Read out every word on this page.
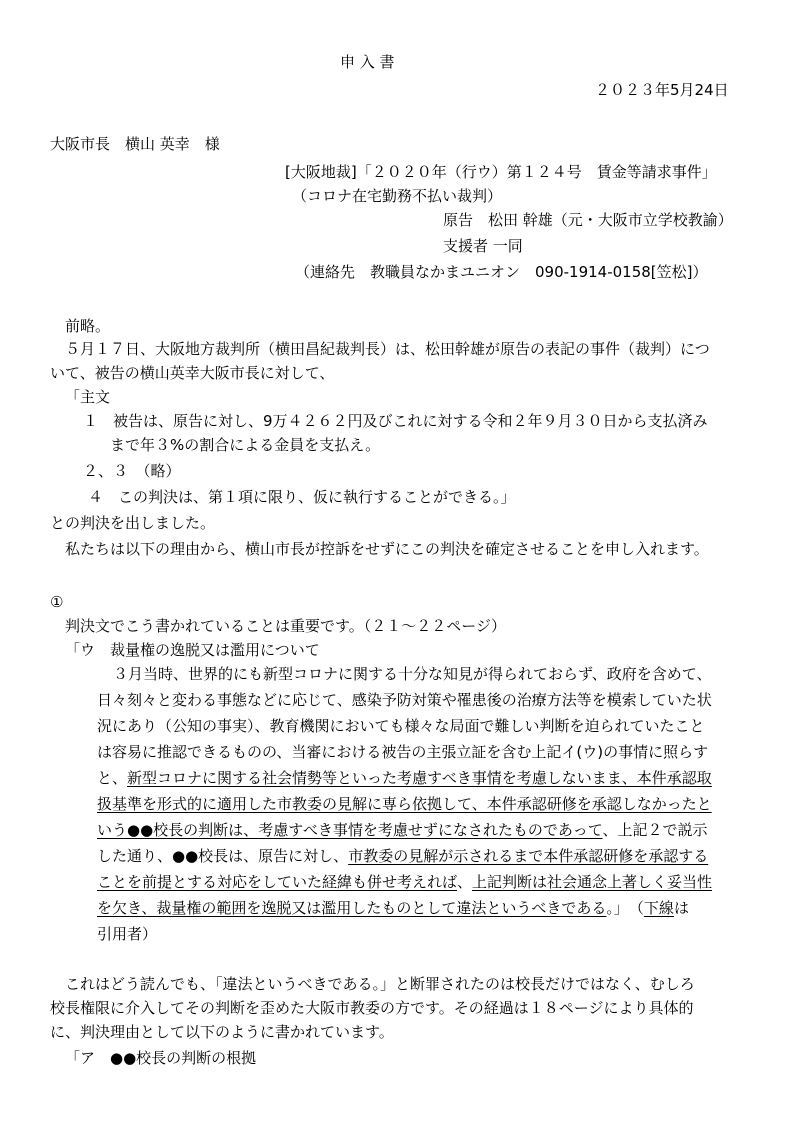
申 入 書
２０２３年5月24日
大阪市長　横山 英幸　様
[大阪地裁]「２０２０年（行ウ）第１２４号　賃金等請求事件」
（コロナ在宅勤務不払い裁判）
原告　松田 幹雄（元・大阪市立学校教諭）
支援者 一同
（連絡先　教職員なかまユニオン　090-1914-0158[笠松]）
前略。
５月１７日、大阪地方裁判所（横田昌紀裁判長）は、松田幹雄が原告の表記の事件（裁判）につ
いて、被告の横山英幸大阪市長に対して、
「主文
１　被告は、原告に対し、9万４２６２円及びこれに対する令和２年９月３０日から支払済み
まで年３%の割合による金員を支払え。
２、３　（略）
４　この判決は、第１項に限り、仮に執行することができる。」
との判決を出しました。
私たちは以下の理由から、横山市長が控訴をせずにこの判決を確定させることを申し入れます。
①
判決文でこう書かれていることは重要です。（２１～２２ページ）
「ウ　裁量権の逸脱又は濫用について
３月当時、世界的にも新型コロナに関する十分な知見が得られておらず、政府を含めて、
日々刻々と変わる事態などに応じて、感染予防対策や罹患後の治療方法等を模索していた状
況にあり（公知の事実）、教育機関においても様々な局面で難しい判断を迫られていたこと
は容易に推認できるものの、当審における被告の主張立証を含む上記イ(ウ)の事情に照らす
と、新型コロナに関する社会情勢等といった考慮すべき事情を考慮しないまま、本件承認取
扱基準を形式的に適用した市教委の見解に専ら依拠して、本件承認研修を承認しなかったと
いう●●校長の判断は、考慮すべき事情を考慮せずになされたものであって、上記２で説示
した通り、●●校長は、原告に対し、市教委の見解が示されるまで本件承認研修を承認する
ことを前提とする対応をしていた経緯も併せ考えれば、上記判断は社会通念上著しく妥当性
を欠き、裁量権の範囲を逸脱又は濫用したものとして違法というべきである。」　（下線は
引用者）
これはどう読んでも、「違法というべきである。」と断罪されたのは校長だけではなく、むしろ
校長権限に介入してその判断を歪めた大阪市教委の方です。その経過は１８ページにより具体的
に、判決理由として以下のように書かれています。
「ア　●●校長の判断の根拠
